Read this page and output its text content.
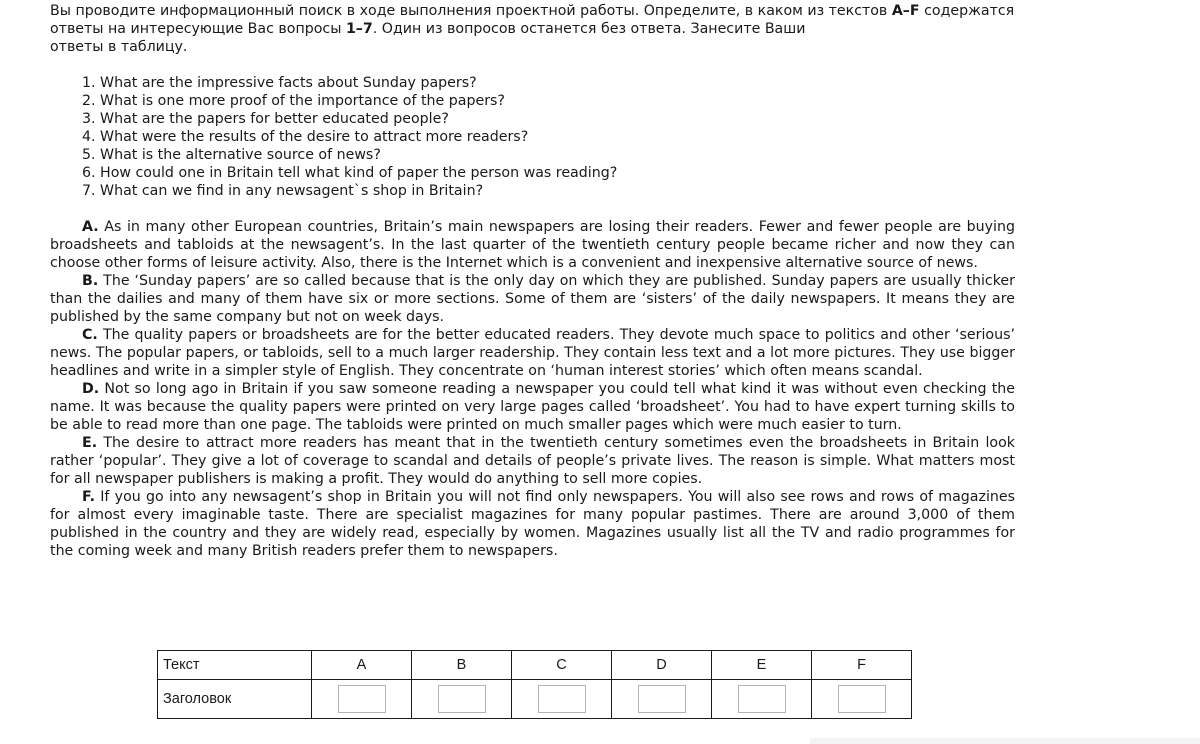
Вы проводите информационный поиск в ходе выполнения проектной работы. Определите, в каком из текстов A–F содержатся ответы на интересующие Вас вопросы 1–7. Один из вопросов останется без ответа. Занесите Ваши
ответы в таблицу.

1. What are the impressive facts about Sunday papers?
2. What is one more proof of the importance of the papers?
3. What are the papers for better educated people?
4. What were the results of the desire to attract more readers?
5. What is the alternative source of news?
6. How could one in Britain tell what kind of paper the person was reading?
7. What can we find in any newsagent`s shop in Britain?

A. As in many other European countries, Britain’s main newspapers are losing their readers. Fewer and fewer people are buying broadsheets and tabloids at the newsagent’s. In the last quarter of the twentieth century people became richer and now they can choose other forms of leisure activity. Also, there is the Internet which is a convenient and inexpensive alternative source of news.

B. The ‘Sunday papers’ are so called because that is the only day on which they are published. Sunday papers are usually thicker than the dailies and many of them have six or more sections. Some of them are ‘sisters’ of the daily newspapers. It means they are published by the same company but not on week days.

C. The quality papers or broadsheets are for the better educated readers. They devote much space to politics and other ‘serious’ news. The popular papers, or tabloids, sell to a much larger readership. They contain less text and a lot more pictures. They use bigger headlines and write in a simpler style of English. They concentrate on ‘human interest stories’ which often means scandal.

D. Not so long ago in Britain if you saw someone reading a newspaper you could tell what kind it was without even checking the name. It was because the quality papers were printed on very large pages called ‘broadsheet’. You had to have expert turning skills to be able to read more than one page. The tabloids were printed on much smaller pages which were much easier to turn.

E. The desire to attract more readers has meant that in the twentieth century sometimes even the broadsheets in Britain look rather ‘popular’. They give a lot of coverage to scandal and details of people’s private lives. The reason is simple. What matters most for all newspaper publishers is making a profit. They would do anything to sell more copies.

F. If you go into any newsagent’s shop in Britain you will not find only newspapers. You will also see rows and rows of magazines for almost every imaginable taste. There are specialist magazines for many popular pastimes. There are around 3,000 of them published in the country and they are widely read, especially by women. Magazines usually list all the TV and radio programmes for the coming week and many British readers prefer them to newspapers.

Текст	A	B	C	D	E	F
Заголовок						
